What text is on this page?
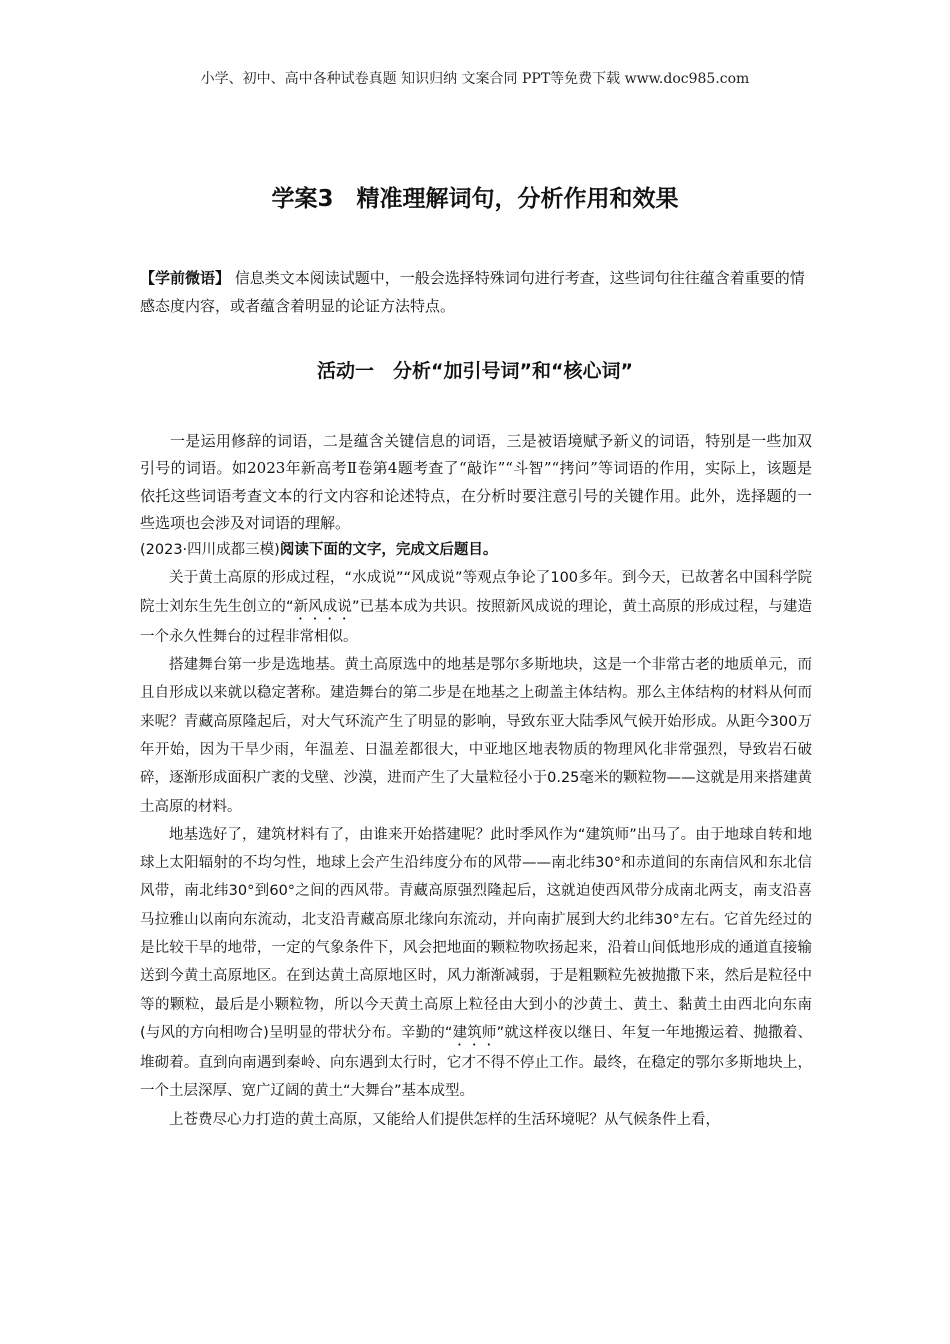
小学、初中、高中各种试卷真题 知识归纳 文案合同 PPT等免费下载 www.doc985.com
学案3　精准理解词句，分析作用和效果
【学前微语】 信息类文本阅读试题中，一般会选择特殊词句进行考查，这些词句往往蕴含着重要的情感态度内容，或者蕴含着明显的论证方法特点。
活动一　分析“加引号词”和“核心词”

一是运用修辞的词语，二是蕴含关键信息的词语，三是被语境赋予新义的词语，特别是一些加双引号的词语。如2023年新高考Ⅱ卷第4题考查了“敲诈”“斗智”“拷问”等词语的作用，实际上，该题是依托这些词语考查文本的行文内容和论述特点，在分析时要注意引号的关键作用。此外，选择题的一些选项也会涉及对词语的理解。

(2023·四川成都三模)阅读下面的文字，完成文后题目。

关于黄土高原的形成过程，“水成说”“风成说”等观点争论了100多年。到今天，已故著名中国科学院院士刘东生先生创立的“新风成说”已基本成为共识。按照新风成说的理论，黄土高原的形成过程，与建造一个永久性舞台的过程非常相似。

搭建舞台第一步是选地基。黄土高原选中的地基是鄂尔多斯地块，这是一个非常古老的地质单元，而且自形成以来就以稳定著称。建造舞台的第二步是在地基之上砌盖主体结构。那么主体结构的材料从何而来呢？青藏高原隆起后，对大气环流产生了明显的影响，导致东亚大陆季风气候开始形成。从距今300万年开始，因为干旱少雨，年温差、日温差都很大，中亚地区地表物质的物理风化非常强烈，导致岩石破碎，逐渐形成面积广袤的戈壁、沙漠，进而产生了大量粒径小于0.25毫米的颗粒物——这就是用来搭建黄土高原的材料。

地基选好了，建筑材料有了，由谁来开始搭建呢？此时季风作为“建筑师”出马了。由于地球自转和地球上太阳辐射的不均匀性，地球上会产生沿纬度分布的风带——南北纬30°和赤道间的东南信风和东北信风带，南北纬30°到60°之间的西风带。青藏高原强烈隆起后，这就迫使西风带分成南北两支，南支沿喜马拉雅山以南向东流动，北支沿青藏高原北缘向东流动，并向南扩展到大约北纬30°左右。它首先经过的是比较干旱的地带，一定的气象条件下，风会把地面的颗粒物吹扬起来，沿着山间低地形成的通道直接输送到今黄土高原地区。在到达黄土高原地区时，风力渐渐减弱，于是粗颗粒先被抛撒下来，然后是粒径中等的颗粒，最后是小颗粒物，所以今天黄土高原上粒径由大到小的沙黄土、黄土、黏黄土由西北向东南(与风的方向相吻合)呈明显的带状分布。辛勤的“建筑师”就这样夜以继日、年复一年地搬运着、抛撒着、堆砌着。直到向南遇到秦岭、向东遇到太行时，它才不得不停止工作。最终，在稳定的鄂尔多斯地块上，一个土层深厚、宽广辽阔的黄土“大舞台”基本成型。

上苍费尽心力打造的黄土高原，又能给人们提供怎样的生活环境呢？从气候条件上看，
